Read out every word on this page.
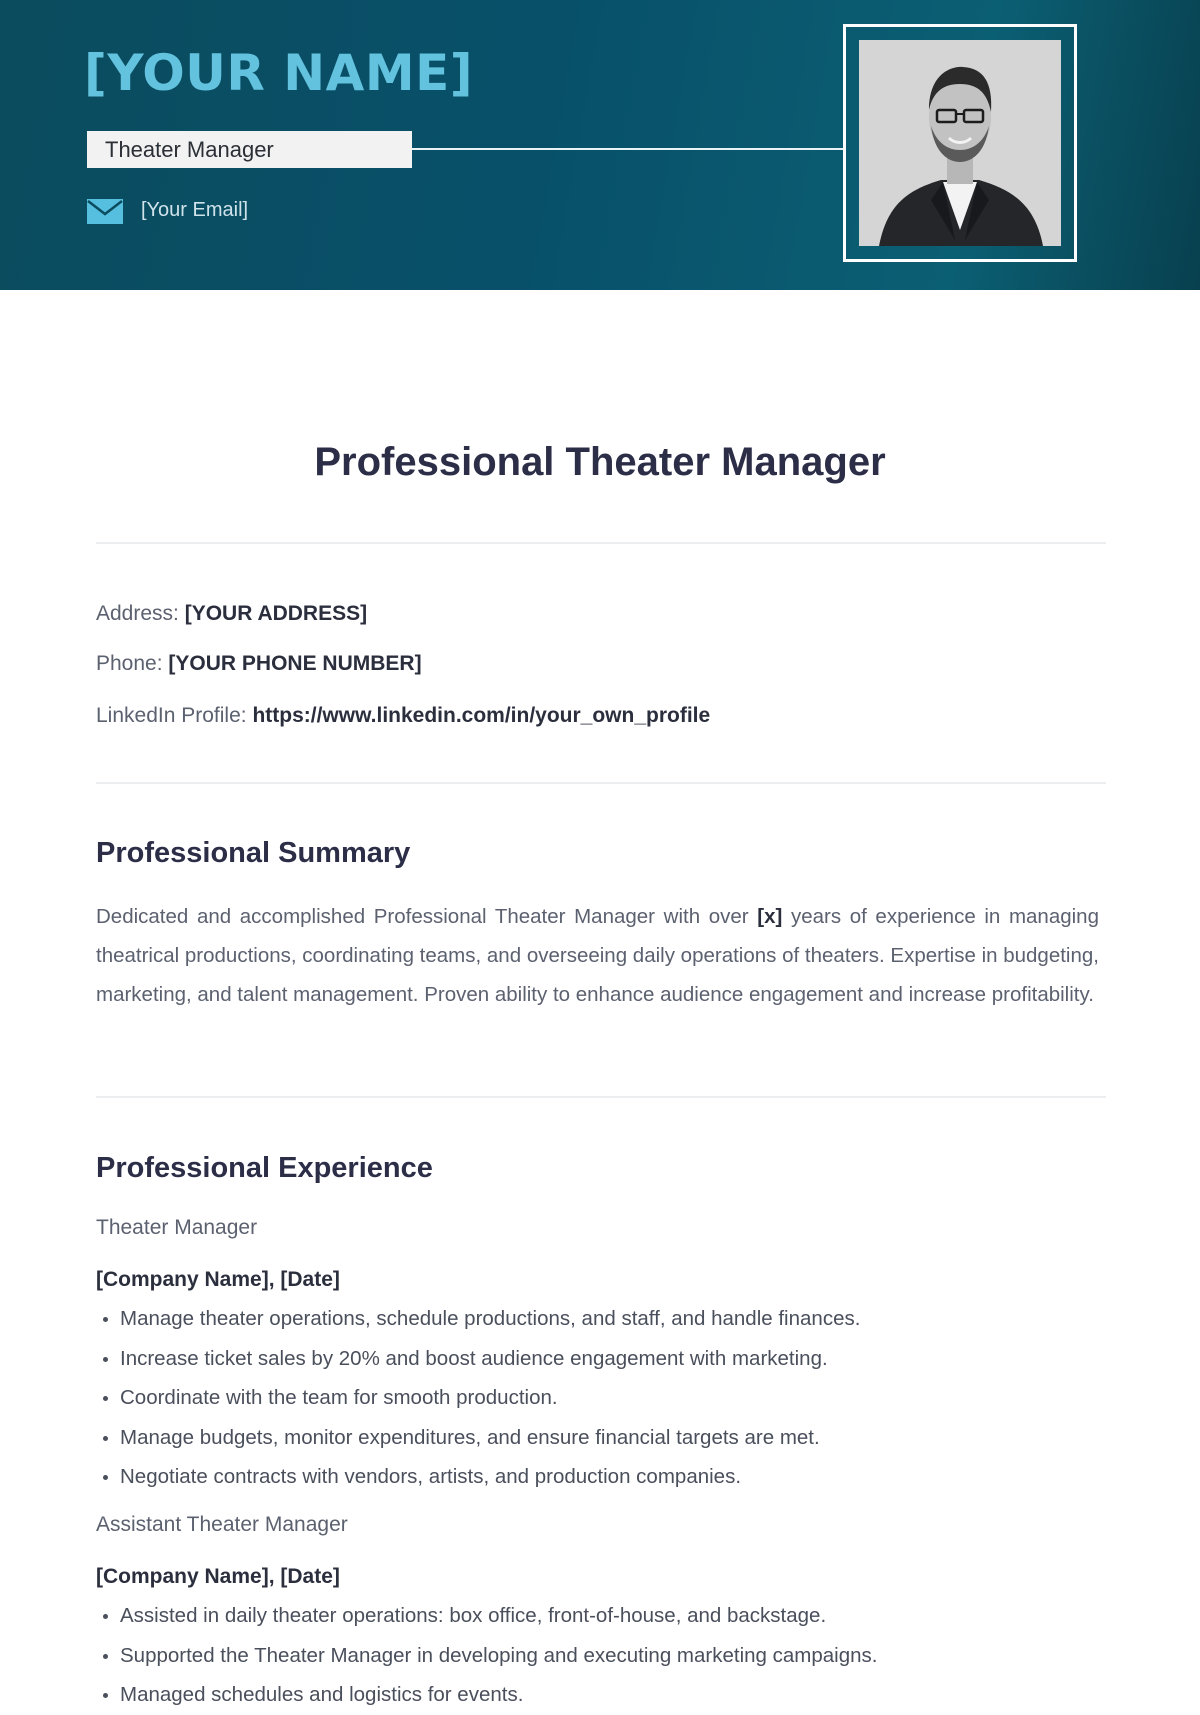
[YOUR NAME]
Theater Manager
[Your Email]
Professional Theater Manager
Address: [YOUR ADDRESS]
Phone: [YOUR PHONE NUMBER]
LinkedIn Profile: https://www.linkedin.com/in/your_own_profile
Professional Summary

Dedicated and accomplished Professional Theater Manager with over [x] years of experience in managing theatrical productions, coordinating teams, and overseeing daily operations of theaters. Expertise in budgeting, marketing, and talent management. Proven ability to enhance audience engagement and increase profitability.

Professional Experience
Theater Manager
[Company Name], [Date]
Manage theater operations, schedule productions, and staff, and handle finances.
Increase ticket sales by 20% and boost audience engagement with marketing.
Coordinate with the team for smooth production.
Manage budgets, monitor expenditures, and ensure financial targets are met.
Negotiate contracts with vendors, artists, and production companies.
Assistant Theater Manager
[Company Name], [Date]
Assisted in daily theater operations: box office, front-of-house, and backstage.
Supported the Theater Manager in developing and executing marketing campaigns.
Managed schedules and logistics for events.
